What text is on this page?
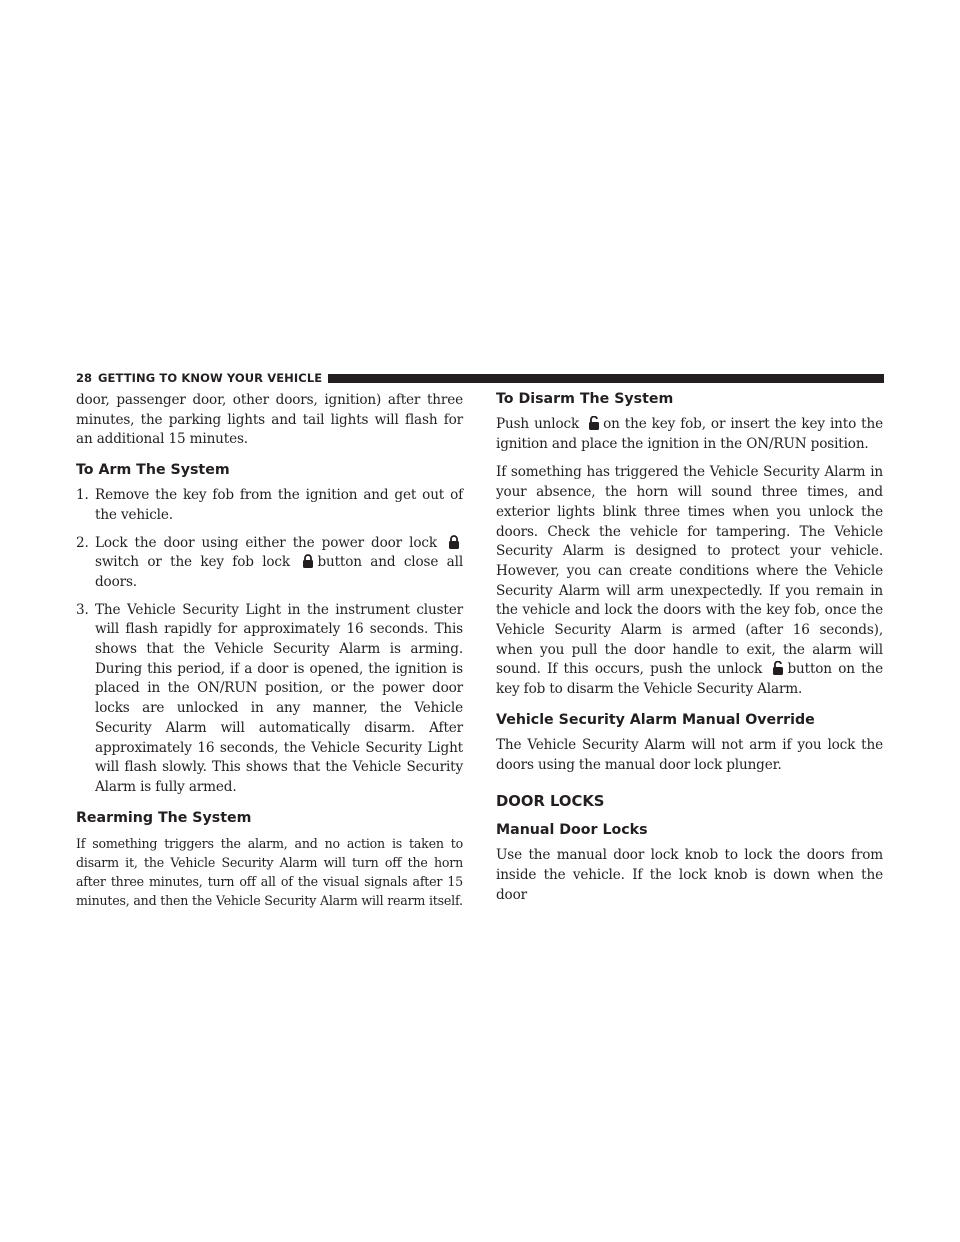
28 GETTING TO KNOW YOUR VEHICLE

door, passenger door, other doors, ignition) after three minutes, the parking lights and tail lights will flash for an additional 15 minutes.

To Arm The System
1. Remove the key fob from the ignition and get out of the vehicle.
2. Lock the door using either the power door lock
switch or the key fob lock button and close all doors.
3. The Vehicle Security Light in the instrument cluster will flash rapidly for approximately 16 seconds. This shows that the Vehicle Security Alarm is arming. During this period, if a door is opened, the ignition is placed in the ON/RUN position, or the power door locks are unlocked in any manner, the Vehicle Security Alarm will automatically disarm. After approximately 16 seconds, the Vehicle Security Light will flash slowly. This shows that the Vehicle Security Alarm is fully armed.
Rearming The System

If something triggers the alarm, and no action is taken to disarm it, the Vehicle Security Alarm will turn off the horn after three minutes, turn off all of the visual signals after 15 minutes, and then the Vehicle Security Alarm will rearm itself.

To Disarm The System

Push unlock on the key fob, or insert the key into the ignition and place the ignition in the ON/RUN position.

If something has triggered the Vehicle Security Alarm in your absence, the horn will sound three times, and exterior lights blink three times when you unlock the doors. Check the vehicle for tampering. The Vehicle Security Alarm is designed to protect your vehicle. However, you can create conditions where the Vehicle Security Alarm will arm unexpectedly. If you remain in the vehicle and lock the doors with the key fob, once the Vehicle Security Alarm is armed (after 16 seconds), when you pull the door handle to exit, the alarm will sound. If this occurs, push the unlock button on the key fob to disarm the Vehicle Security Alarm.

Vehicle Security Alarm Manual Override

The Vehicle Security Alarm will not arm if you lock the doors using the manual door lock plunger.

DOOR LOCKS
Manual Door Locks

Use the manual door lock knob to lock the doors from inside the vehicle. If the lock knob is down when the door
